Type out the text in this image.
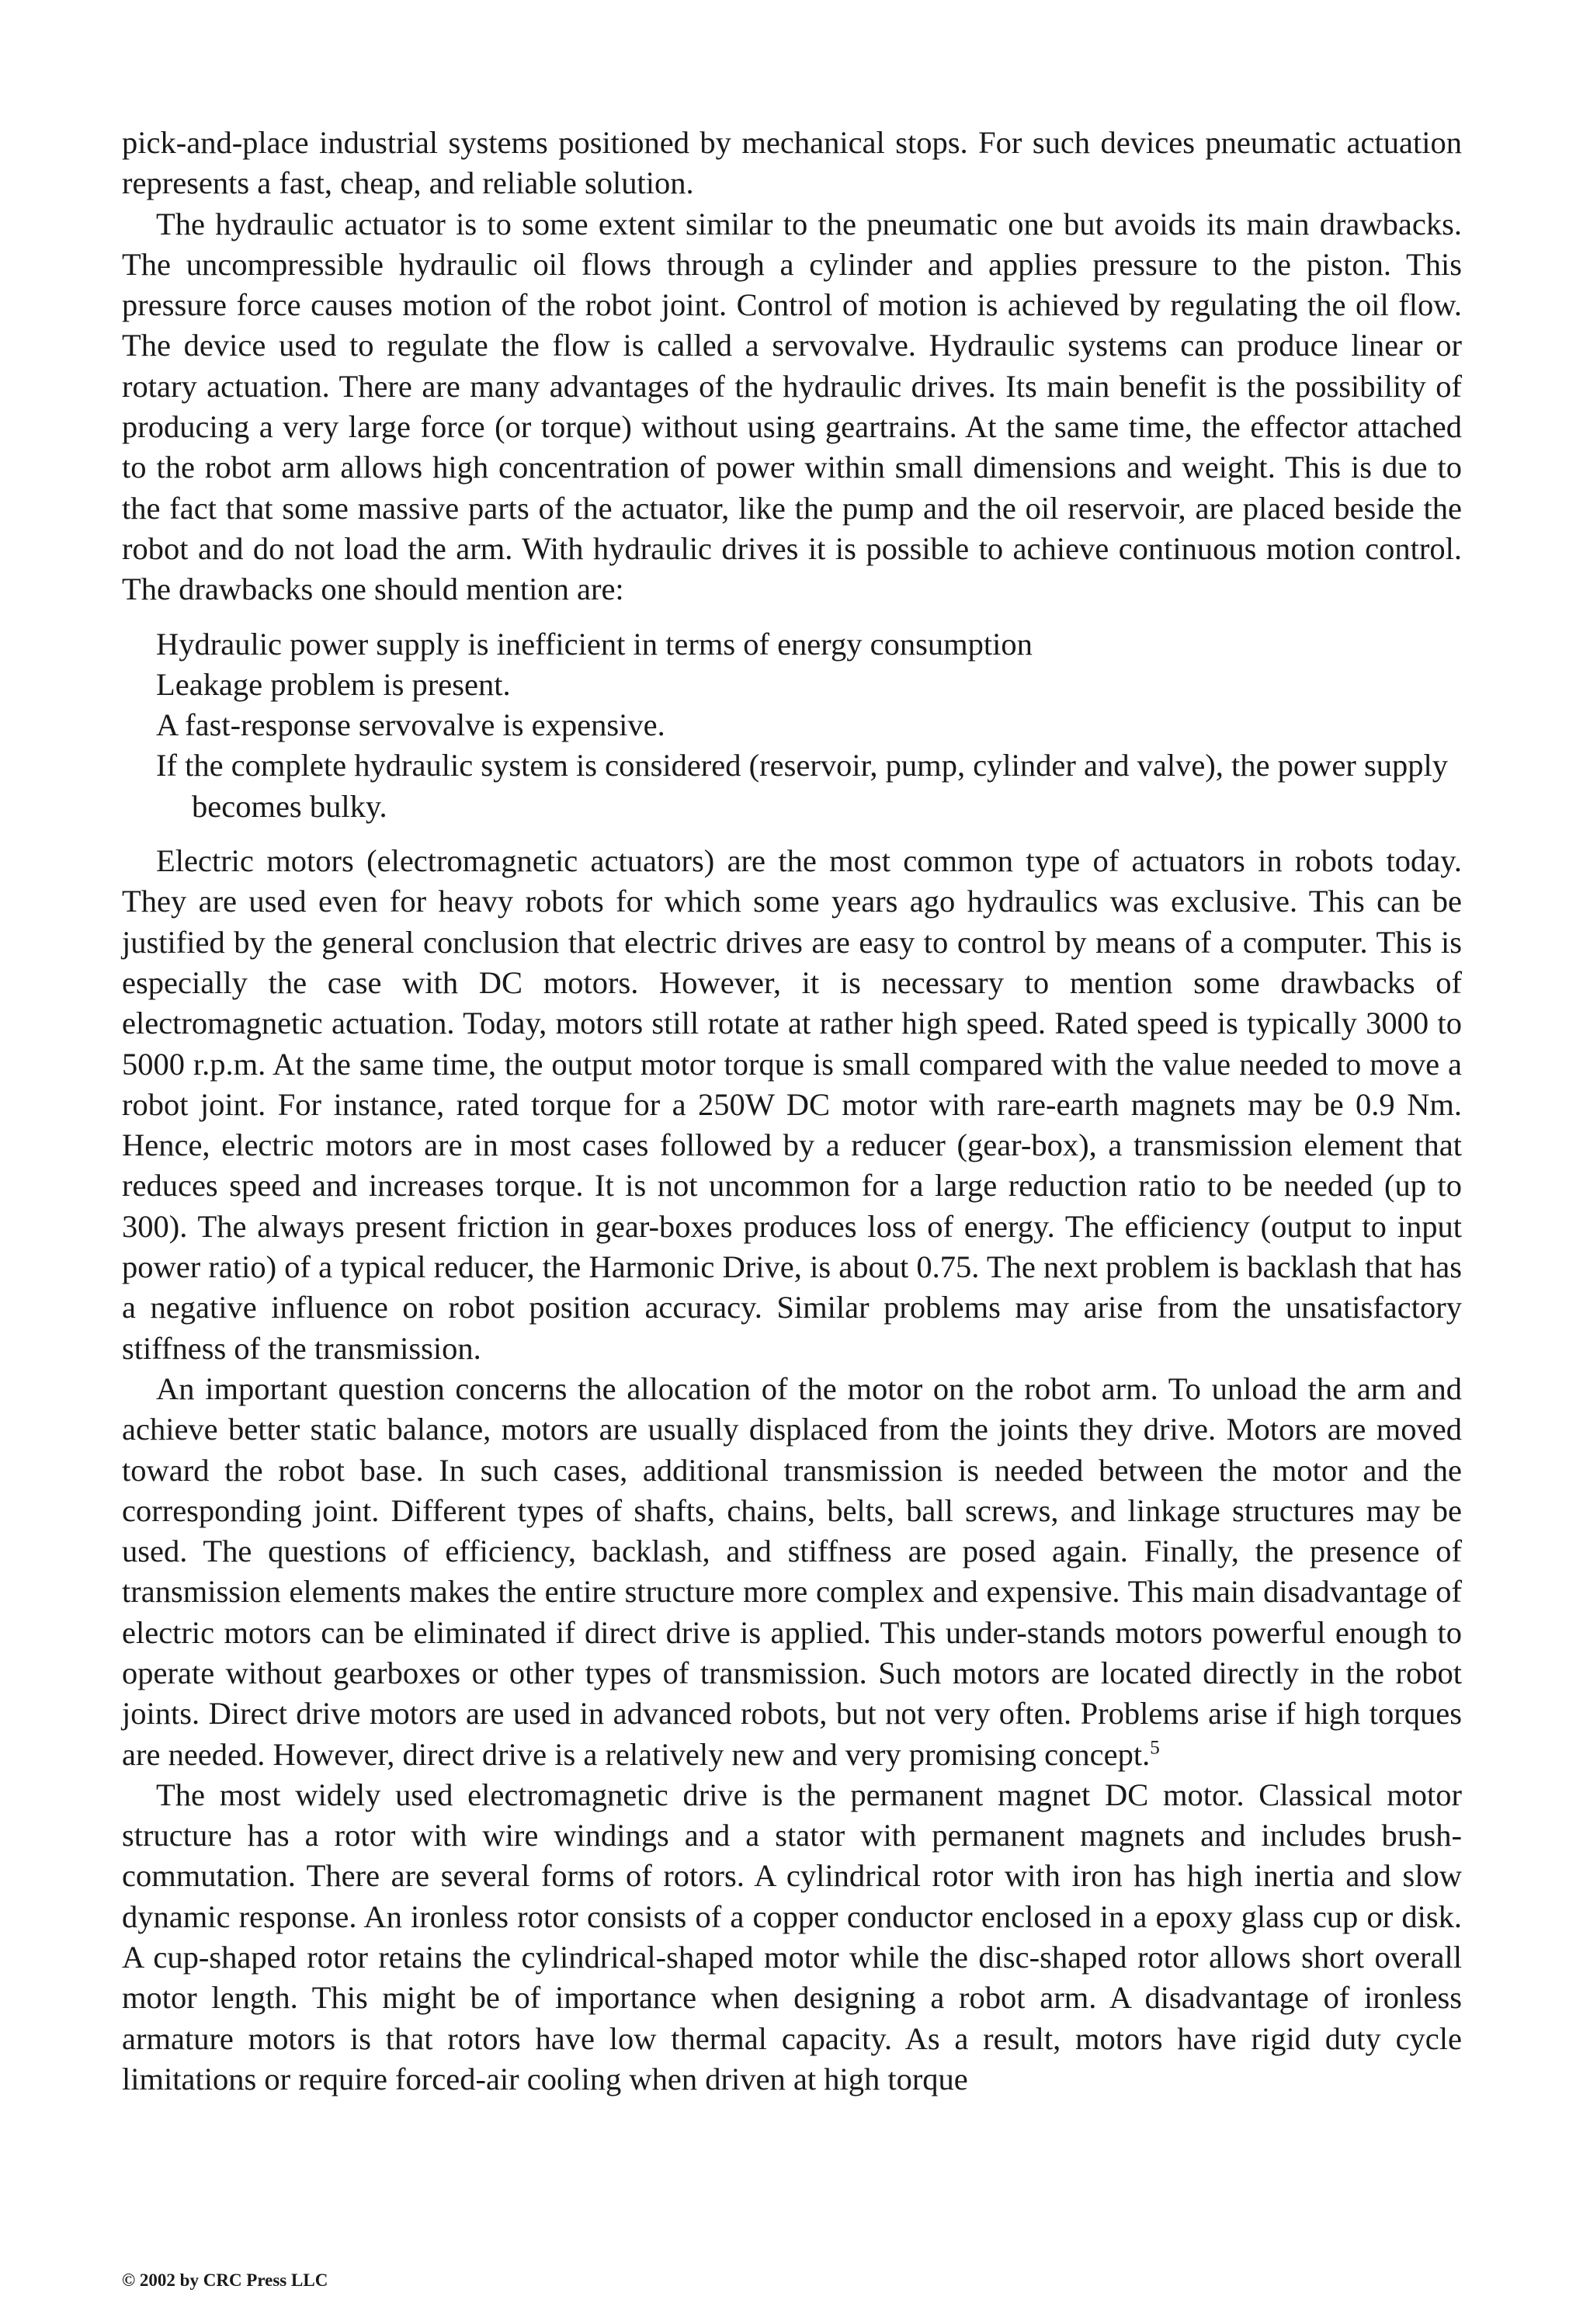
pick-and-place industrial systems positioned by mechanical stops. For such devices pneumatic actuation represents a fast, cheap, and reliable solution.

The hydraulic actuator is to some extent similar to the pneumatic one but avoids its main drawbacks. The uncompressible hydraulic oil flows through a cylinder and applies pressure to the piston. This pressure force causes motion of the robot joint. Control of motion is achieved by regulating the oil flow. The device used to regulate the flow is called a servovalve. Hydraulic systems can produce linear or rotary actuation. There are many advantages of the hydraulic drives. Its main benefit is the possibility of producing a very large force (or torque) without using geartrains. At the same time, the effector attached to the robot arm allows high concentration of power within small dimensions and weight. This is due to the fact that some massive parts of the actuator, like the pump and the oil reservoir, are placed beside the robot and do not load the arm. With hydraulic drives it is possible to achieve continuous motion control. The drawbacks one should mention are:

Hydraulic power supply is inefficient in terms of energy consumption
Leakage problem is present.
A fast-response servovalve is expensive.
If the complete hydraulic system is considered (reservoir, pump, cylinder and valve), the power supply becomes bulky.

Electric motors (electromagnetic actuators) are the most common type of actuators in robots today. They are used even for heavy robots for which some years ago hydraulics was exclusive. This can be justified by the general conclusion that electric drives are easy to control by means of a computer. This is especially the case with DC motors. However, it is necessary to mention some drawbacks of electromagnetic actuation. Today, motors still rotate at rather high speed. Rated speed is typically 3000 to 5000 r.p.m. At the same time, the output motor torque is small compared with the value needed to move a robot joint. For instance, rated torque for a 250W DC motor with rare-earth magnets may be 0.9 Nm. Hence, electric motors are in most cases followed by a reducer (gear-box), a transmission element that reduces speed and increases torque. It is not uncommon for a large reduction ratio to be needed (up to 300). The always present friction in gear-boxes produces loss of energy. The efficiency (output to input power ratio) of a typical reducer, the Harmonic Drive, is about 0.75. The next problem is backlash that has a negative influence on robot position accuracy. Similar problems may arise from the unsatisfactory stiffness of the transmission.

An important question concerns the allocation of the motor on the robot arm. To unload the arm and achieve better static balance, motors are usually displaced from the joints they drive. Motors are moved toward the robot base. In such cases, additional transmission is needed between the motor and the corresponding joint. Different types of shafts, chains, belts, ball screws, and linkage structures may be used. The questions of efficiency, backlash, and stiffness are posed again. Finally, the presence of transmission elements makes the entire structure more complex and expensive. This main disadvantage of electric motors can be eliminated if direct drive is applied. This under-stands motors powerful enough to operate without gearboxes or other types of transmission. Such motors are located directly in the robot joints. Direct drive motors are used in advanced robots, but not very often. Problems arise if high torques are needed. However, direct drive is a relatively new and very promising concept.$^5$

The most widely used electromagnetic drive is the permanent magnet DC motor. Classical motor structure has a rotor with wire windings and a stator with permanent magnets and includes brush-commutation. There are several forms of rotors. A cylindrical rotor with iron has high inertia and slow dynamic response. An ironless rotor consists of a copper conductor enclosed in a epoxy glass cup or disk. A cup-shaped rotor retains the cylindrical-shaped motor while the disc-shaped rotor allows short overall motor length. This might be of importance when designing a robot arm. A disadvantage of ironless armature motors is that rotors have low thermal capacity. As a result, motors have rigid duty cycle limitations or require forced-air cooling when driven at high torque

© 2002 by CRC Press LLC
